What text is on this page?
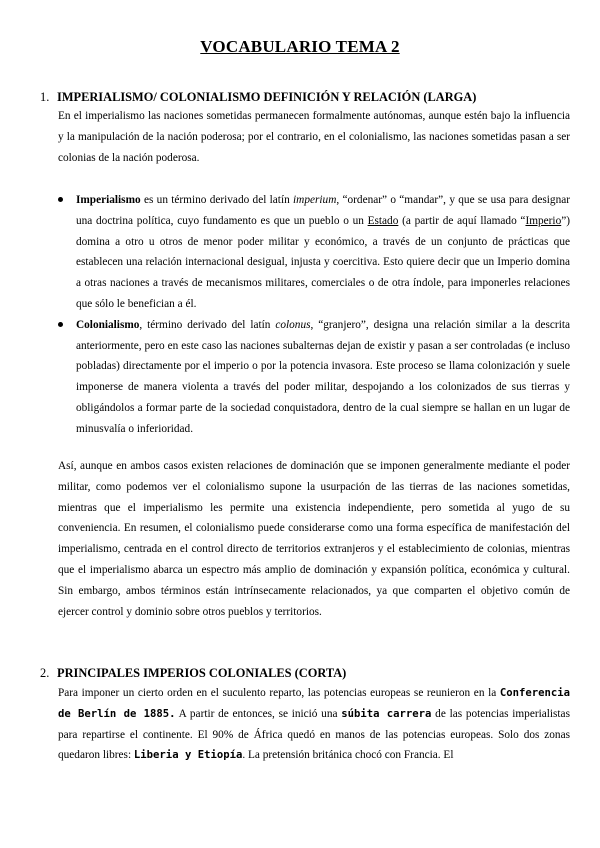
VOCABULARIO TEMA 2
1. IMPERIALISMO/ COLONIALISMO DEFINICIÓN Y RELACIÓN (LARGA)

En el imperialismo las naciones sometidas permanecen formalmente autónomas, aunque estén bajo la influencia y la manipulación de la nación poderosa; por el contrario, en el colonialismo, las naciones sometidas pasan a ser colonias de la nación poderosa.

Imperialismo es un término derivado del latín imperium, “ordenar” o “mandar”, y que se usa para designar una doctrina política, cuyo fundamento es que un pueblo o un Estado (a partir de aquí llamado “Imperio”) domina a otro u otros de menor poder militar y económico, a través de un conjunto de prácticas que establecen una relación internacional desigual, injusta y coercitiva. Esto quiere decir que un Imperio domina a otras naciones a través de mecanismos militares, comerciales o de otra índole, para imponerles relaciones que sólo le benefician a él.
Colonialismo, término derivado del latín colonus, “granjero”, designa una relación similar a la descrita anteriormente, pero en este caso las naciones subalternas dejan de existir y pasan a ser controladas (e incluso pobladas) directamente por el imperio o por la potencia invasora. Este proceso se llama colonización y suele imponerse de manera violenta a través del poder militar, despojando a los colonizados de sus tierras y obligándolos a formar parte de la sociedad conquistadora, dentro de la cual siempre se hallan en un lugar de minusvalía o inferioridad.

Así, aunque en ambos casos existen relaciones de dominación que se imponen generalmente mediante el poder militar, como podemos ver el colonialismo supone la usurpación de las tierras de las naciones sometidas, mientras que el imperialismo les permite una existencia independiente, pero sometida al yugo de su conveniencia. En resumen, el colonialismo puede considerarse como una forma específica de manifestación del imperialismo, centrada en el control directo de territorios extranjeros y el establecimiento de colonias, mientras que el imperialismo abarca un espectro más amplio de dominación y expansión política, económica y cultural. Sin embargo, ambos términos están intrínsecamente relacionados, ya que comparten el objetivo común de ejercer control y dominio sobre otros pueblos y territorios.

2. PRINCIPALES IMPERIOS COLONIALES (CORTA)

Para imponer un cierto orden en el suculento reparto, las potencias europeas se reunieron en la Conferencia de Berlín de 1885. A partir de entonces, se inició una súbita carrera de las potencias imperialistas para repartirse el continente. El 90% de África quedó en manos de las potencias europeas. Solo dos zonas quedaron libres: Liberia y Etiopía. La pretensión británica chocó con Francia. El
